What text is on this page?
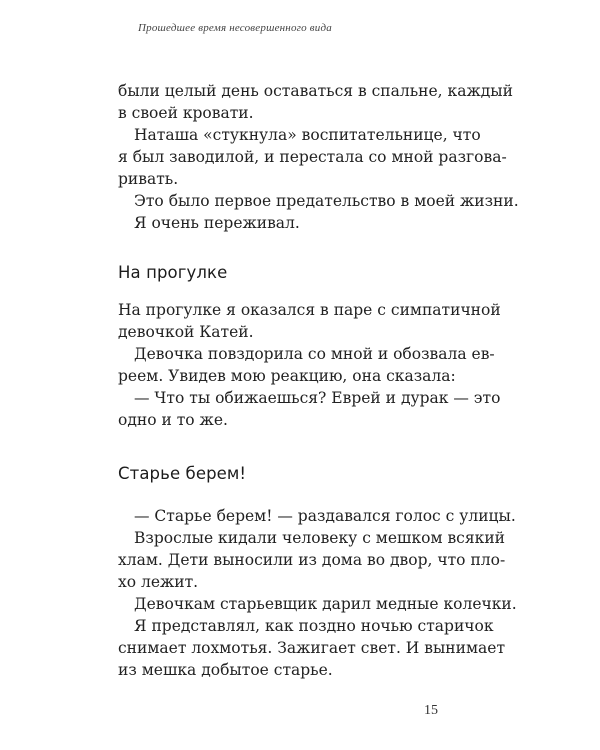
Прошедшее время несовершенного вида
были целый день оставаться в спальне, каждый
в своей кровати.
Наташа «стукнула» воспитательнице, что
я был заводилой, и перестала со мной разгова-
ривать.
Это было первое предательство в моей жизни.
Я очень переживал.
На прогулке
На прогулке я оказался в паре с симпатичной
девочкой Катей.
Девочка повздорила со мной и обозвала ев-
реем. Увидев мою реакцию, она сказала:
— Что ты обижаешься? Еврей и дурак — это
одно и то же.
Старье берем!
— Старье берем! — раздавался голос с улицы.
Взрослые кидали человеку с мешком всякий
хлам. Дети выносили из дома во двор, что пло-
хо лежит.
Девочкам старьевщик дарил медные колечки.
Я представлял, как поздно ночью старичок
снимает лохмотья. Зажигает свет. И вынимает
из мешка добытое старье.
15
